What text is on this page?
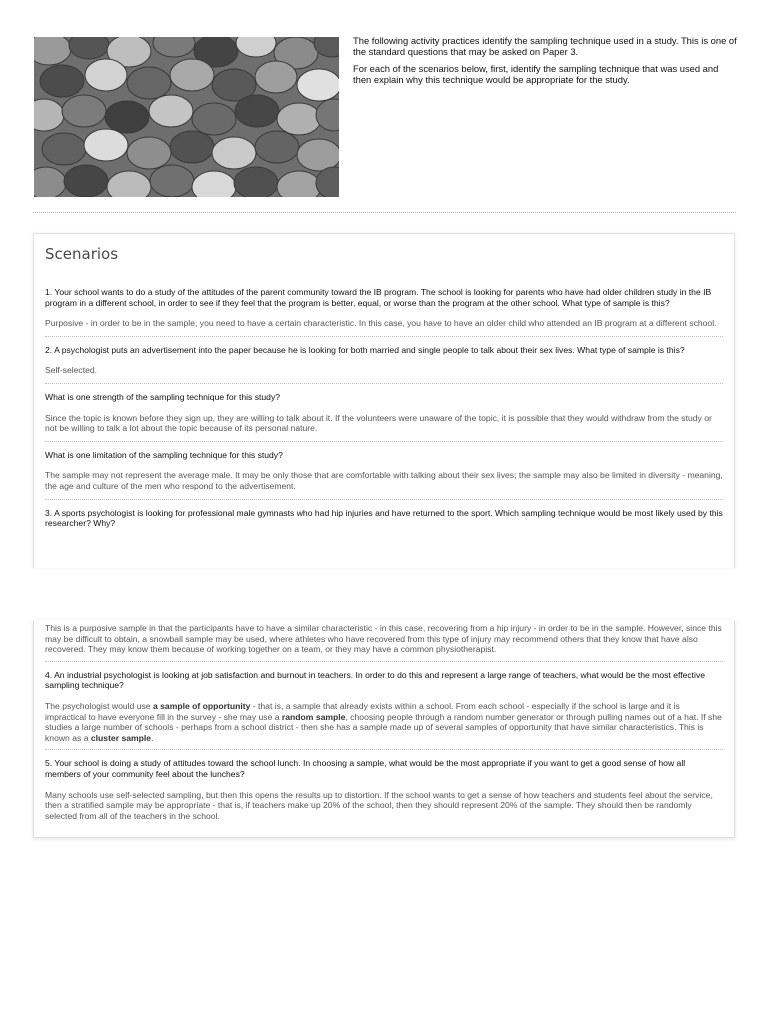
The following activity practices identify the sampling technique used in a study. This is one of the standard questions that may be asked on Paper 3.

For each of the scenarios below, first, identify the sampling technique that was used and then explain why this technique would be appropriate for the study.

Scenarios

1. Your school wants to do a study of the attitudes of the parent community toward the IB program. The school is looking for parents who have had older children study in the IB program in a different school, in order to see if they feel that the program is better, equal, or worse than the program at the other school. What type of sample is this?

Purposive - in order to be in the sample, you need to have a certain characteristic. In this case, you have to have an older child who attended an IB program at a different school.

2. A psychologist puts an advertisement into the paper because he is looking for both married and single people to talk about their sex lives. What type of sample is this?

Self-selected.

What is one strength of the sampling technique for this study?

Since the topic is known before they sign up, they are willing to talk about it. If the volunteers were unaware of the topic, it is possible that they would withdraw from the study or not be willing to talk a lot about the topic because of its personal nature.

What is one limitation of the sampling technique for this study?

The sample may not represent the average male. It may be only those that are comfortable with talking about their sex lives; the sample may also be limited in diversity - meaning, the age and culture of the men who respond to the advertisement.

3. A sports psychologist is looking for professional male gymnasts who had hip injuries and have returned to the sport. Which sampling technique would be most likely used by this researcher? Why?

This is a purposive sample in that the participants have to have a similar characteristic - in this case, recovering from a hip injury - in order to be in the sample. However, since this may be difficult to obtain, a snowball sample may be used, where athletes who have recovered from this type of injury may recommend others that they know that have also recovered. They may know them because of working together on a team, or they may have a common physiotherapist.

4. An industrial psychologist is looking at job satisfaction and burnout in teachers. In order to do this and represent a large range of teachers, what would be the most effective sampling technique?

The psychologist would use a sample of opportunity - that is, a sample that already exists within a school. From each school - especially if the school is large and it is impractical to have everyone fill in the survey - she may use a random sample, choosing people through a random number generator or through pulling names out of a hat. If she studies a large number of schools - perhaps from a school district - then she has a sample made up of several samples of opportunity that have similar characteristics. This is known as a cluster sample.

5. Your school is doing a study of attitudes toward the school lunch. In choosing a sample, what would be the most appropriate if you want to get a good sense of how all members of your community feel about the lunches?

Many schools use self-selected sampling, but then this opens the results up to distortion. If the school wants to get a sense of how teachers and students feel about the service, then a stratified sample may be appropriate - that is, if teachers make up 20% of the school, then they should represent 20% of the sample. They should then be randomly selected from all of the teachers in the school.
